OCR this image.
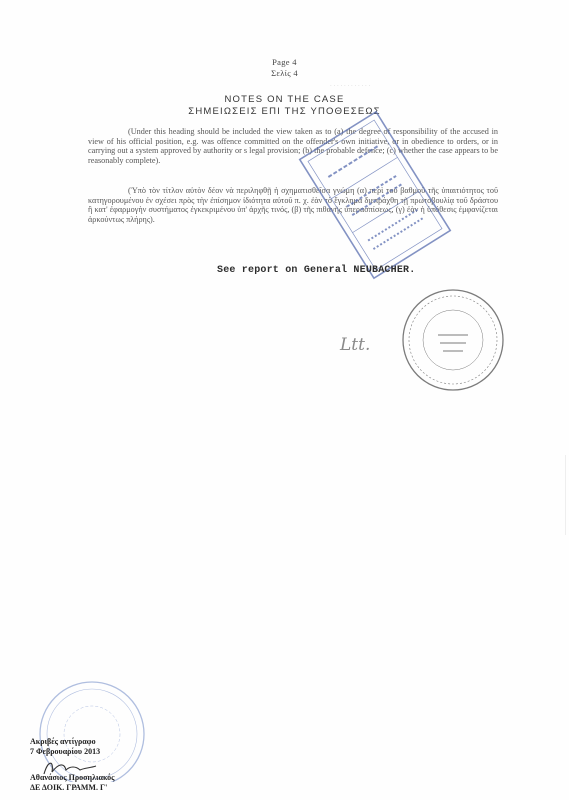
. . . . . . . . . . . .
Page 4
Σελίς 4
NOTES ON THE CASE
ΣΗΜΕΙΩΣΕΙΣ ΕΠΙ ΤΗΣ ΥΠΟΘΕΣΕΩΣ
(Under this heading should be included the view taken as to (a) the degree of responsibility of the accused in view of his official position, e.g. was offence committed on the offender's own initiative, or in obedience to orders, or in carrying out a system approved by authority or s legal provision; (b) the probable defence; (c) whether the case appears to be reasonably complete).
(Ὑπὸ τὸν τίτλον αὐτὸν δέον νὰ περιληφθῇ ἡ σχηματισθεῖσα γνώμη (α) περὶ τοῦ βαθμοῦ τῆς ὑπαιτιότητος τοῦ κατηγορουμένου ἐν σχέσει πρὸς τὴν ἐπίσημον ἰδιότητα αὐτοῦ π. χ. ἐὰν τὸ ἔγκλημα διεπράχθη τῇ πρωτοβουλίᾳ τοῦ δράστου ἢ κατ' ἐφαρμογὴν συστήματος ἐγκεκριμένου ὑπ' ἀρχῆς τινός, (β) τῆς πιθανῆς ὑπερασπίσεως, (γ) ἐὰν ἡ ὑπόθεσις ἐμφανίζεται ἀρκούντως πλήρης).
See report on General NEUBACHER.
Ltt.
Ακριβές αντίγραφο
7 Φεβρουαρίου 2013
Αθανάσιος Προσηλιακός
ΔΕ ΔΟΙΚ. ΓΡΑΜΜ. Γ'
